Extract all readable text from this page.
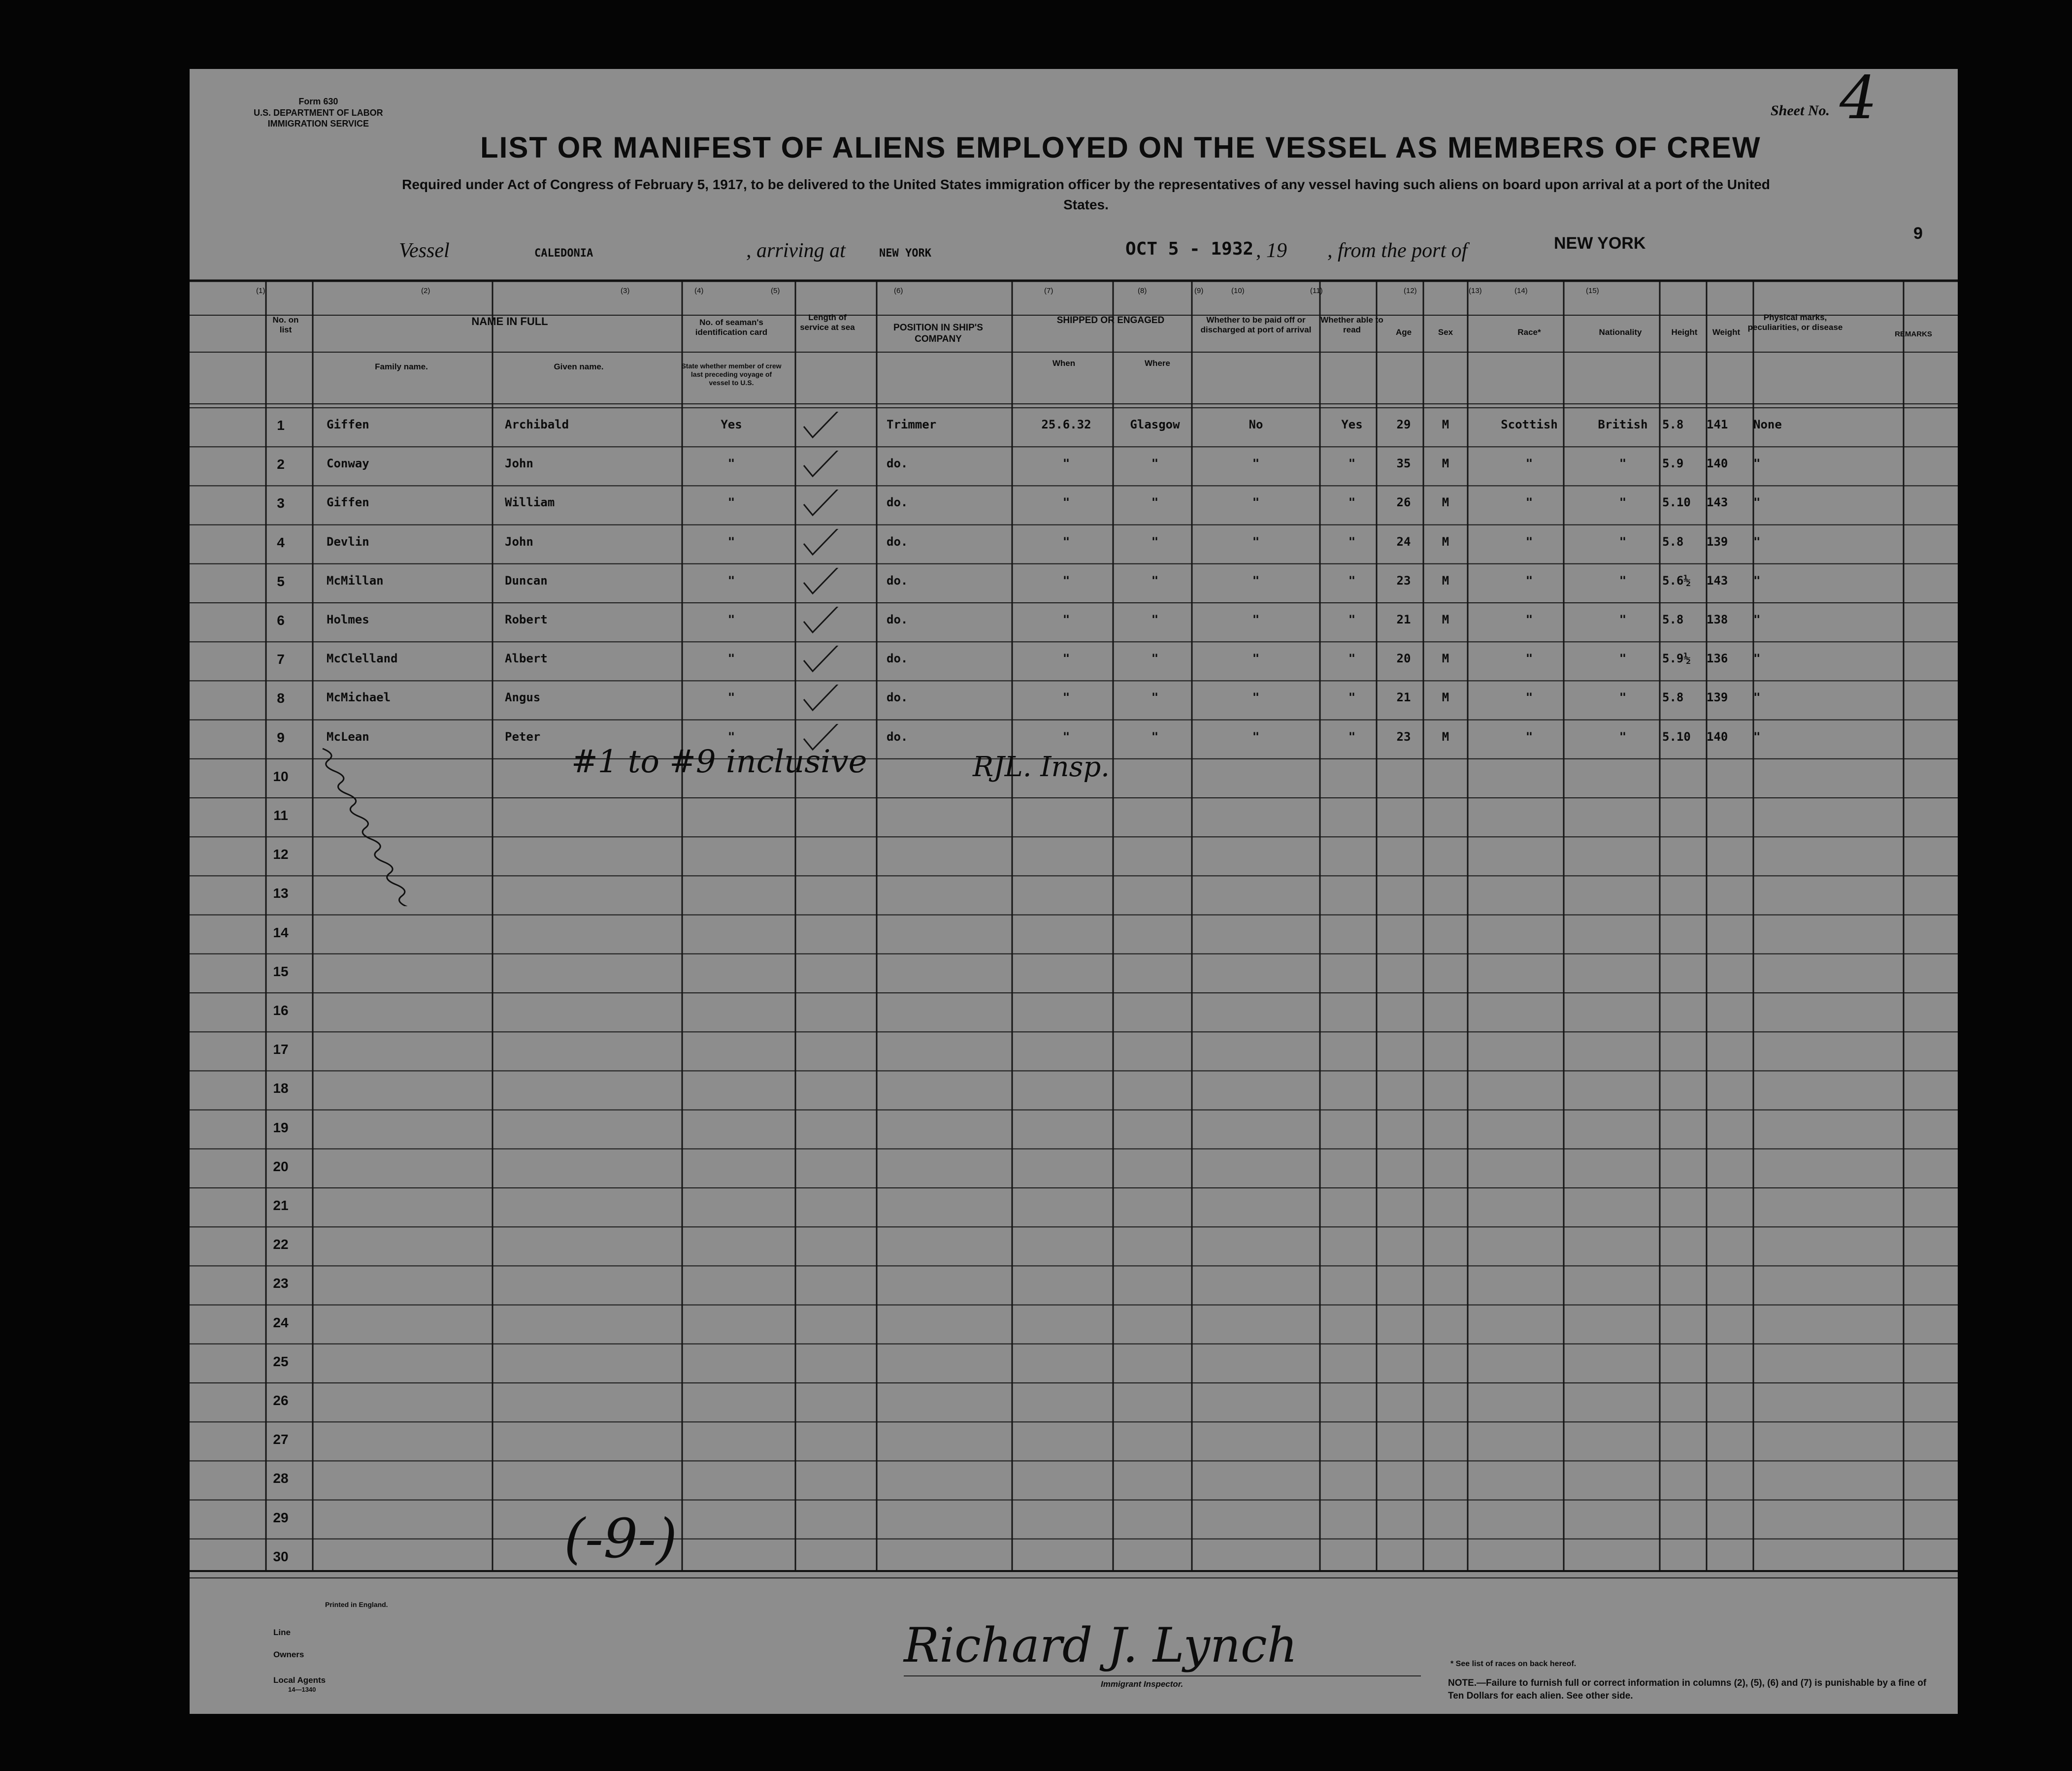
Form 630
U.S. DEPARTMENT OF LABOR
IMMIGRATION SERVICE
Sheet No. 4
LIST OR MANIFEST OF ALIENS EMPLOYED ON THE VESSEL AS MEMBERS OF CREW
Required under Act of Congress of February 5, 1917, to be delivered to the United States immigration officer by the representatives of any vessel having such aliens on board upon arrival at a port of the United States.
9
Vessel	CALEDONIA	, arriving at	NEW YORK	OCT 5 - 1932 , 19 , from the port of	NEW YORK
(1)	(2)	(3)	(4)	(5)	(6)	(7)	(8)	(9)	(10)	(11)	(12)	(13)	(14)	(15)
No. on list
NAME IN FULL
Family name.	Given name.
No. of seaman's identification card
State whether member of crew last preceding voyage of vessel to U.S.
Length of service at sea	POSITION IN SHIP'S COMPANY
SHIPPED OR ENGAGED
When	Where
Whether to be paid off or discharged at port of arrival
Whether able to read	Age	Sex	Race*	Nationality	Height	Weight
Physical marks, peculiarities, or disease
REMARKS
1	Giffen	Archibald	Yes	Trimmer	25.6.32	Glasgow	No	Yes	29	M	Scottish	British	5.8 141 None
2	Conway	John	"	do.	"	"	"	"	35	M	"	"	5.9 140 "
3	Giffen	William	"	do.	"	"	"	"	26	M	"	"	5.10 143 "
4	Devlin	John	"	do.	"	"	"	"	24	M	"	"	5.8 139 "
5	McMillan	Duncan	"	do.	"	"	"	"	23	M	"	"	5.6½ 143 "
6	Holmes	Robert	"	do.	"	"	"	"	21	M	"	"	5.8 138 "
7	McClelland	Albert	"	do.	"	"	"	"	20	M	"	"	5.9½ 136 "
8	McMichael	Angus	"	do.	"	"	"	"	21	M	"	"	5.8 139 "
9	McLean	Peter	"	do.	"	"	"	"	23	M	"	"	5.10 140 "
10
11
12
13
14
15
16
17
18
19
20
21
22
23
24
25
26
27
28
29
30
#1 to #9 inclusive	RJL. Insp.
(-9-)
Printed in England.
Line
Owners
Local Agents
14—1340
Richard J. Lynch
Immigrant Inspector.
* See list of races on back hereof.
NOTE.—Failure to furnish full or correct information in columns (2), (5), (6) and (7) is punishable by a fine of Ten Dollars for each alien. See other side.
